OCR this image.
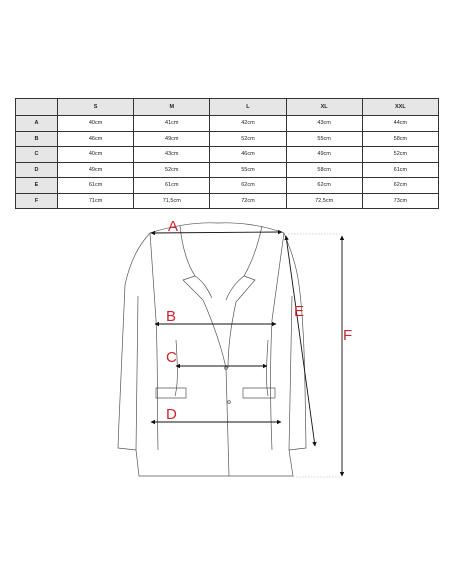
	S	M	L	XL	XXL
A	40cm	41cm	42cm	43cm	44cm
B	46cm	49cm	52cm	55cm	58cm
C	40cm	43cm	46cm	49cm	52cm
D	49cm	52cm	55cm	58cm	61cm
E	61cm	61cm	62cm	62cm	62cm
F	71cm	71,5cm	72cm	72,5cm	73cm
A
B
C
D
E
F
